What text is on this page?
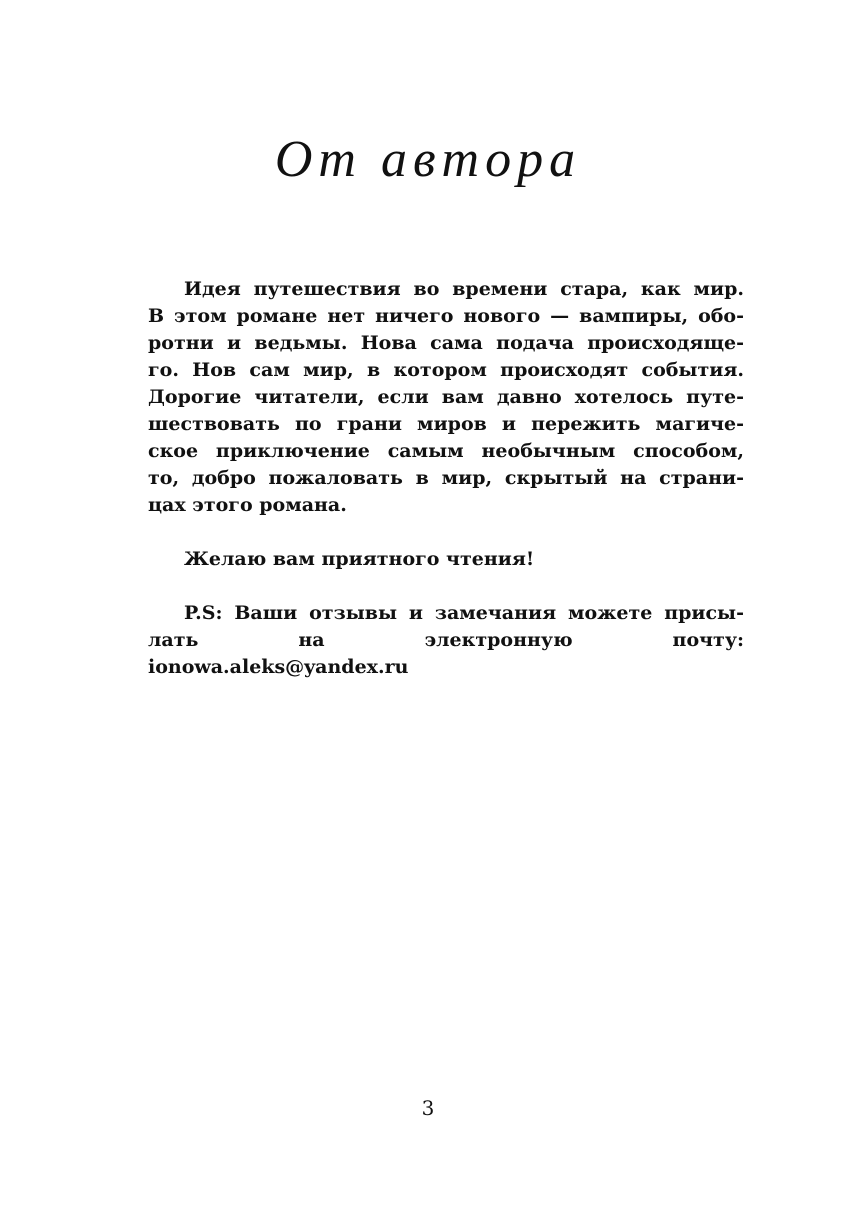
От автора
Идея путешествия во времени стара, как мир.
В этом романе нет ничего нового — вампиры, обо-
ротни и ведьмы. Нова сама подача происходяще-
го. Нов сам мир, в котором происходят события.
Дорогие читатели, если вам давно хотелось путе-
шествовать по грани миров и пережить магиче-
ское приключение самым необычным способом,
то, добро пожаловать в мир, скрытый на страни-
цах этого романа.
Желаю вам приятного чтения!
P.S: Ваши отзывы и замечания можете присы-
лать на электронную почту:
ionowa.aleks@yandex.ru
3
